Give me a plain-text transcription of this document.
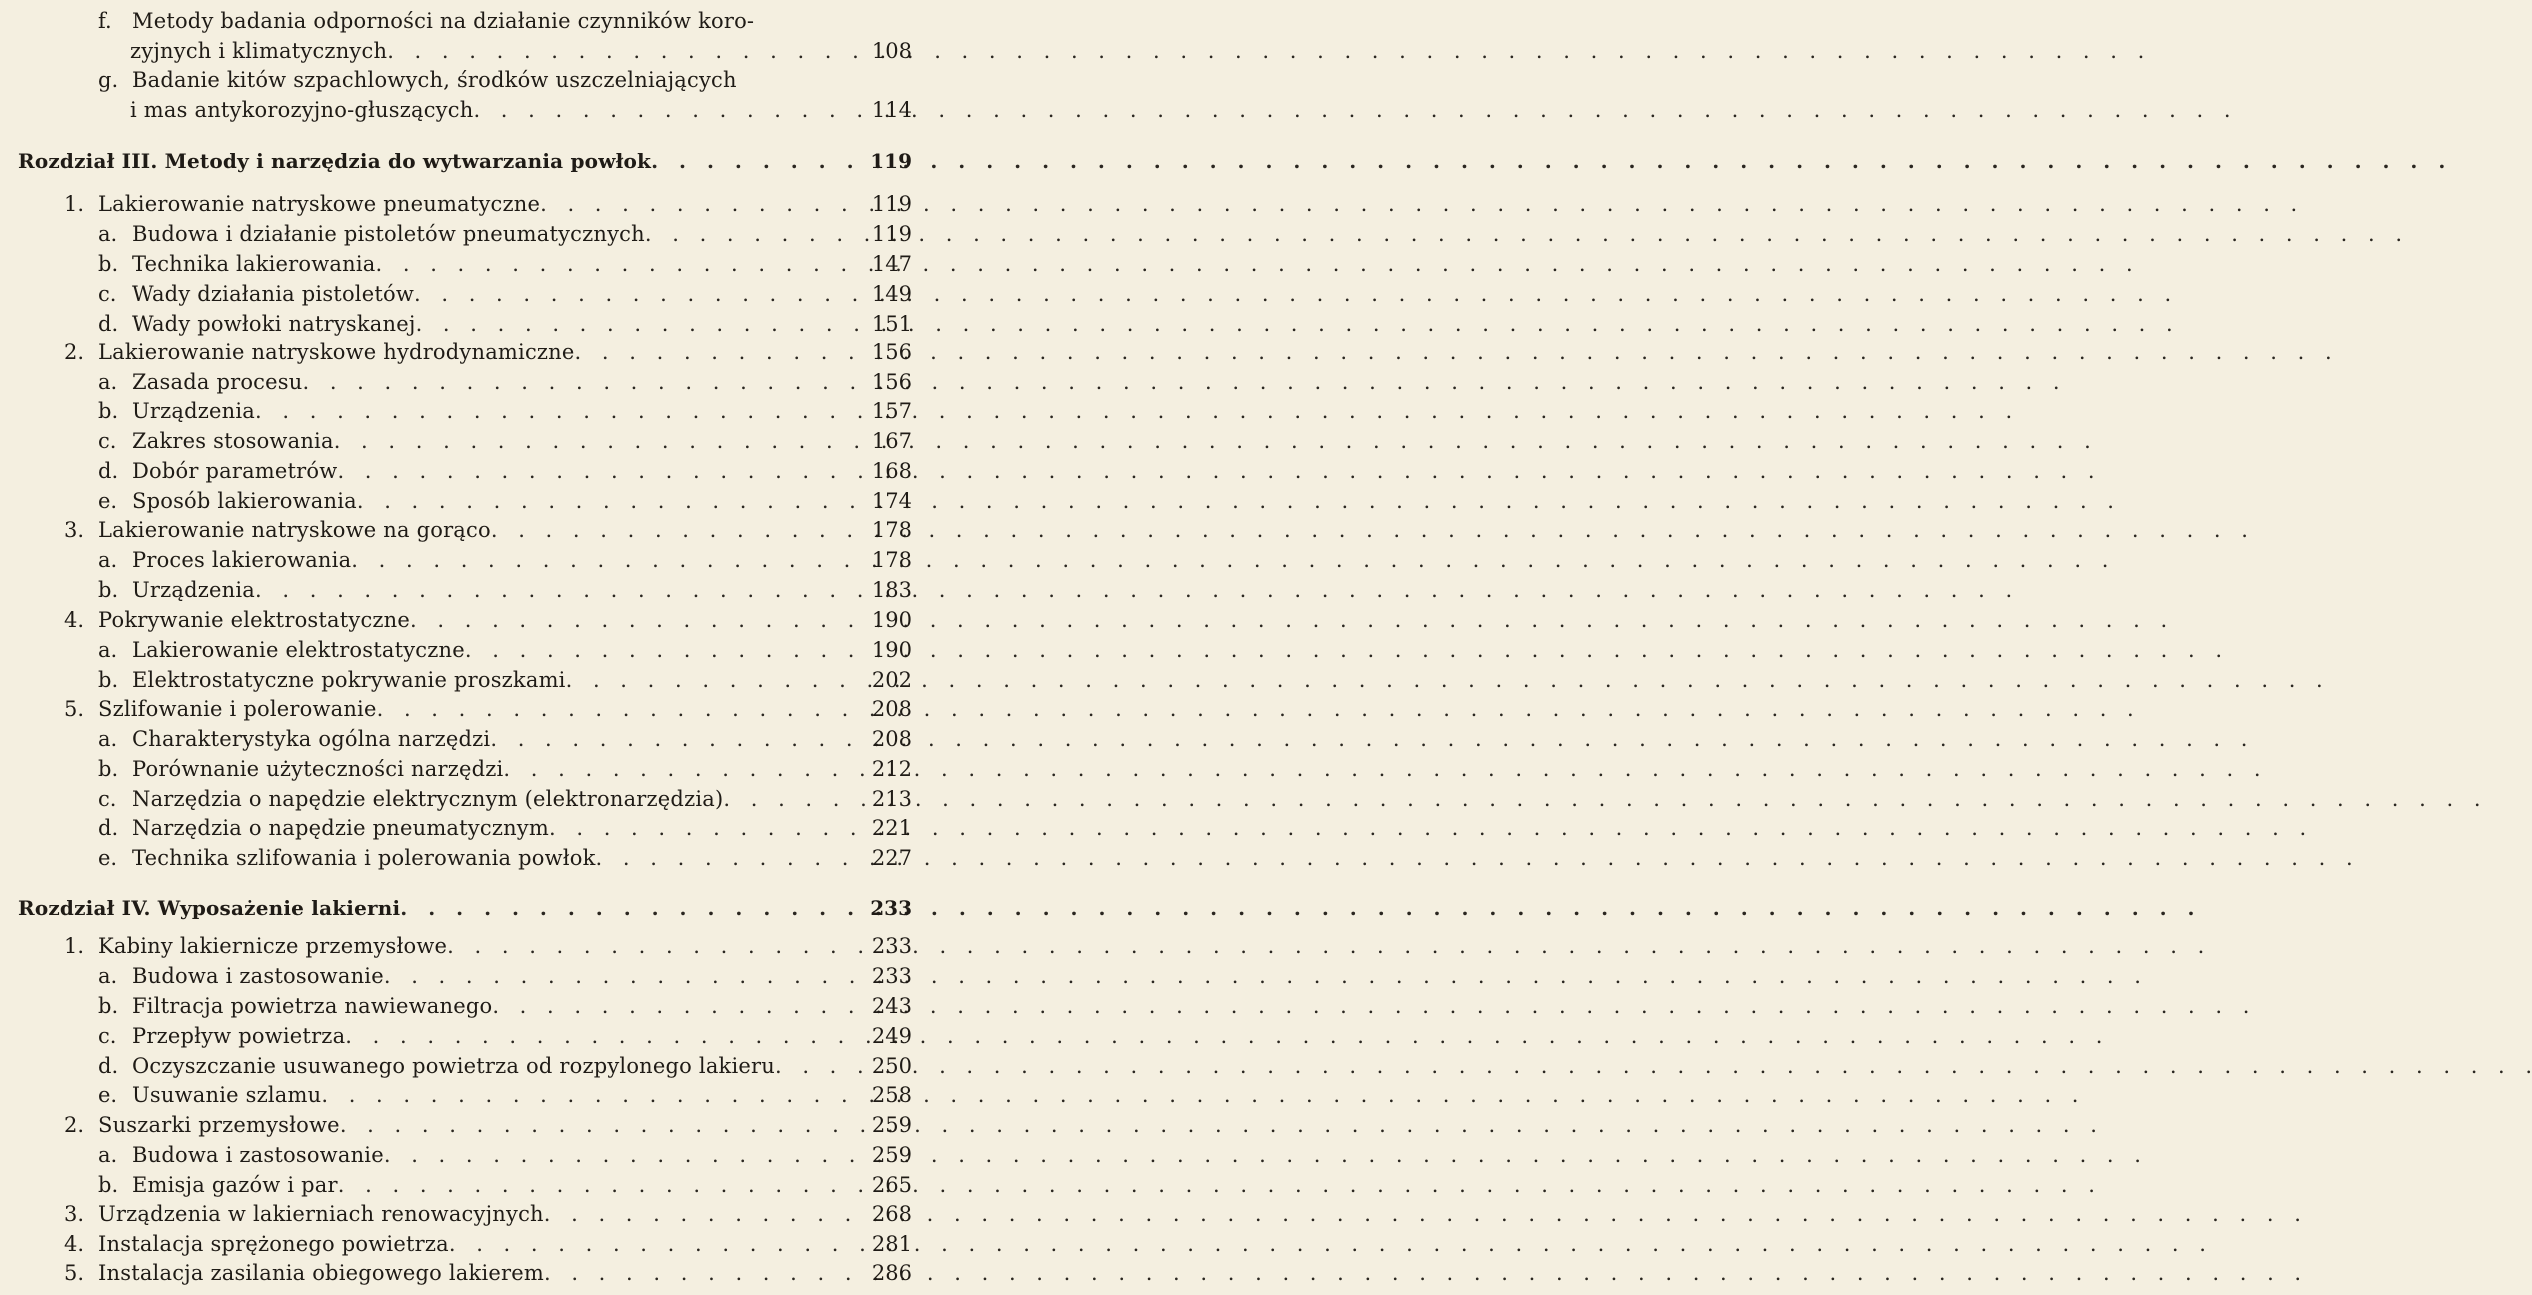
f. Metody badania odporności na działanie czynników koro-
zyjnych i klimatycznych . . .	108
g. Badanie kitów szpachlowych, środków uszczelniających
i mas antykorozyjno-głuszących . . .	114
Rozdział III. Metody i narzędzia do wytwarzania powłok . . .	119
1. Lakierowanie natryskowe pneumatyczne . . .	119
a. Budowa i działanie pistoletów pneumatycznych . . .	119
b. Technika lakierowania . . .	147
c. Wady działania pistoletów . . .	149
d. Wady powłoki natryskanej . . .	151
2. Lakierowanie natryskowe hydrodynamiczne . . .	156
a. Zasada procesu . . .	156
b. Urządzenia . . .	157
c. Zakres stosowania . . .	167
d. Dobór parametrów . . .	168
e. Sposób lakierowania . . .	174
3. Lakierowanie natryskowe na gorąco . . .	178
a. Proces lakierowania . . .	178
b. Urządzenia . . .	183
4. Pokrywanie elektrostatyczne . . .	190
a. Lakierowanie elektrostatyczne . . .	190
b. Elektrostatyczne pokrywanie proszkami . . .	202
5. Szlifowanie i polerowanie . . .	208
a. Charakterystyka ogólna narzędzi . . .	208
b. Porównanie użyteczności narzędzi . . .	212
c. Narzędzia o napędzie elektrycznym (elektronarzędzia) . . .	213
d. Narzędzia o napędzie pneumatycznym . . .	221
e. Technika szlifowania i polerowania powłok . . .	227
Rozdział IV. Wyposażenie lakierni . . .	233
1. Kabiny lakiernicze przemysłowe . . .	233
a. Budowa i zastosowanie . . .	233
b. Filtracja powietrza nawiewanego . . .	243
c. Przepływ powietrza . . .	249
d. Oczyszczanie usuwanego powietrza od rozpylonego lakieru . . .	250
e. Usuwanie szlamu . . .	258
2. Suszarki przemysłowe . . .	259
a. Budowa i zastosowanie . . .	259
b. Emisja gazów i par . . .	265
3. Urządzenia w lakierniach renowacyjnych . . .	268
4. Instalacja sprężonego powietrza . . .	281
5. Instalacja zasilania obiegowego lakierem . . .	286
